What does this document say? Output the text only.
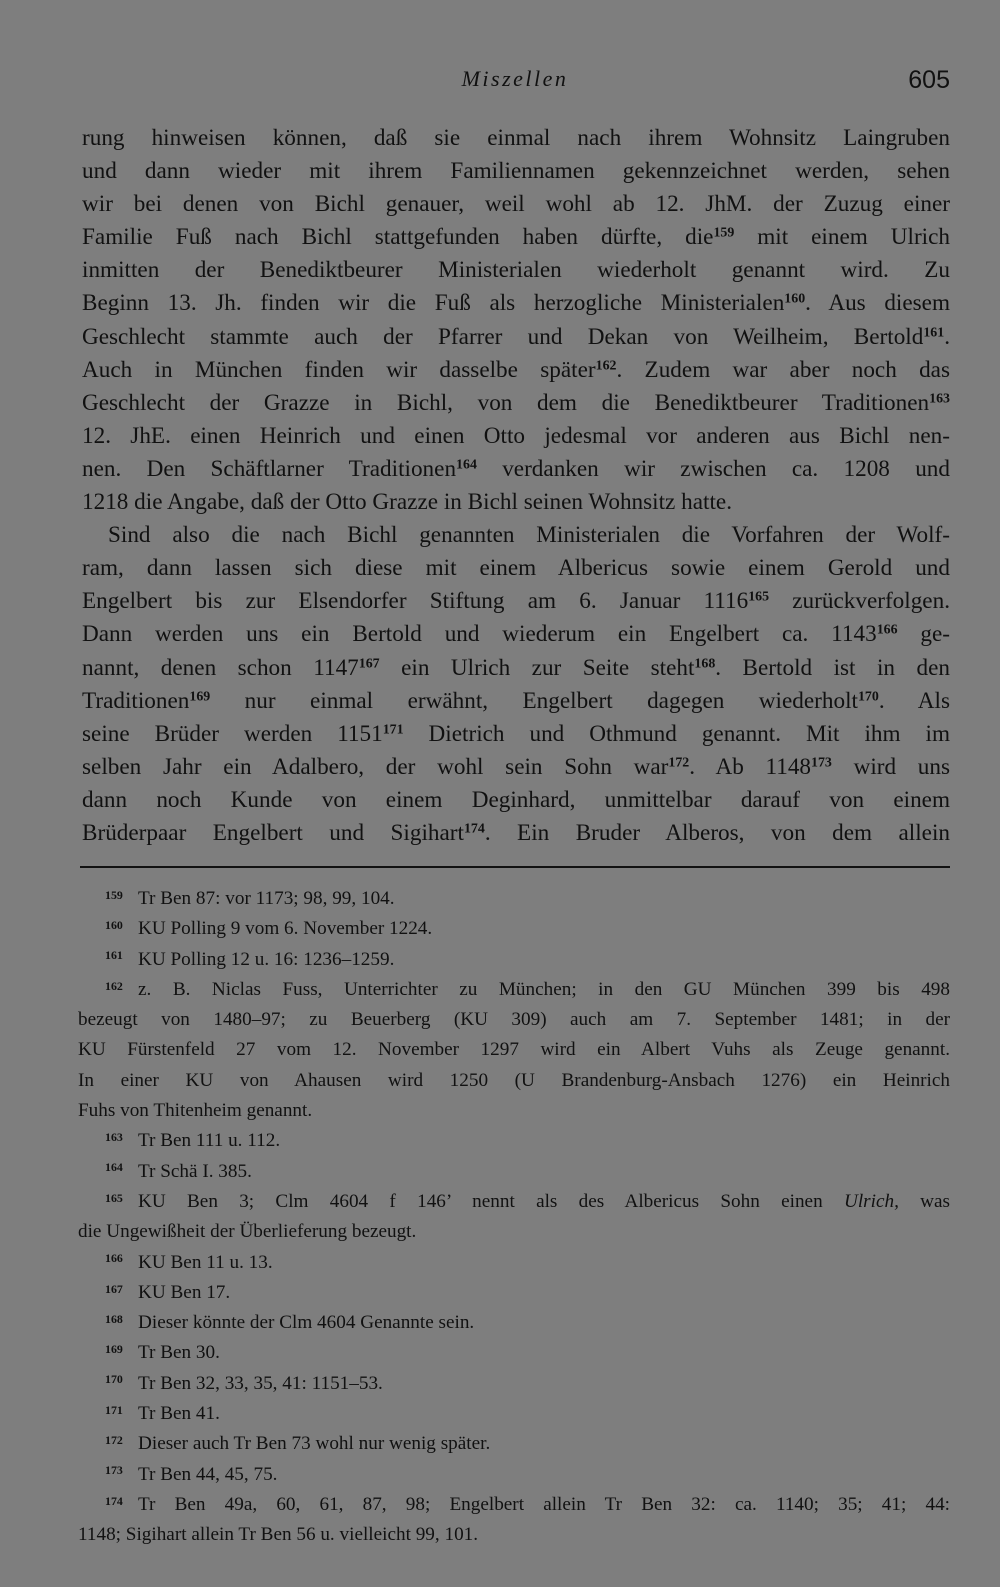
Miszellen	605
rung hinweisen können, daß sie einmal nach ihrem Wohnsitz Laingruben
und dann wieder mit ihrem Familiennamen gekennzeichnet werden, sehen
wir bei denen von Bichl genauer, weil wohl ab 12. JhM. der Zuzug einer
Familie Fuß nach Bichl stattgefunden haben dürfte, die$^{159}$ mit einem Ulrich
inmitten der Benediktbeurer Ministerialen wiederholt genannt wird. Zu
Beginn 13. Jh. finden wir die Fuß als herzogliche Ministerialen$^{160}$. Aus diesem
Geschlecht stammte auch der Pfarrer und Dekan von Weilheim, Bertold$^{161}$.
Auch in München finden wir dasselbe später$^{162}$. Zudem war aber noch das
Geschlecht der Grazze in Bichl, von dem die Benediktbeurer Traditionen$^{163}$
12. JhE. einen Heinrich und einen Otto jedesmal vor anderen aus Bichl nen-
nen. Den Schäftlarner Traditionen$^{164}$ verdanken wir zwischen ca. 1208 und
1218 die Angabe, daß der Otto Grazze in Bichl seinen Wohnsitz hatte.
Sind also die nach Bichl genannten Ministerialen die Vorfahren der Wolf-
ram, dann lassen sich diese mit einem Albericus sowie einem Gerold und
Engelbert bis zur Elsendorfer Stiftung am 6. Januar 1116$^{165}$ zurückverfolgen.
Dann werden uns ein Bertold und wiederum ein Engelbert ca. 1143$^{166}$ ge-
nannt, denen schon 1147$^{167}$ ein Ulrich zur Seite steht$^{168}$. Bertold ist in den
Traditionen$^{169}$ nur einmal erwähnt, Engelbert dagegen wiederholt$^{170}$. Als
seine Brüder werden 1151$^{171}$ Dietrich und Othmund genannt. Mit ihm im
selben Jahr ein Adalbero, der wohl sein Sohn war$^{172}$. Ab 1148$^{173}$ wird uns
dann noch Kunde von einem Deginhard, unmittelbar darauf von einem
Brüderpaar Engelbert und Sigihart$^{174}$. Ein Bruder Alberos, von dem allein
159 Tr Ben 87: vor 1173; 98, 99, 104.
160 KU Polling 9 vom 6. November 1224.
161 KU Polling 12 u. 16: 1236–1259.
162 z. B. Niclas Fuss, Unterrichter zu München; in den GU München 399 bis 498
bezeugt von 1480–97; zu Beuerberg (KU 309) auch am 7. September 1481; in der
KU Fürstenfeld 27 vom 12. November 1297 wird ein Albert Vuhs als Zeuge genannt.
In einer KU von Ahausen wird 1250 (U Brandenburg-Ansbach 1276) ein Heinrich
Fuhs von Thitenheim genannt.
163 Tr Ben 111 u. 112.
164 Tr Schä I. 385.
165 KU Ben 3; Clm 4604 f 146’ nennt als des Albericus Sohn einen Ulrich, was
die Ungewißheit der Überlieferung bezeugt.
166 KU Ben 11 u. 13.
167 KU Ben 17.
168 Dieser könnte der Clm 4604 Genannte sein.
169 Tr Ben 30.
170 Tr Ben 32, 33, 35, 41: 1151–53.
171 Tr Ben 41.
172 Dieser auch Tr Ben 73 wohl nur wenig später.
173 Tr Ben 44, 45, 75.
174 Tr Ben 49a, 60, 61, 87, 98; Engelbert allein Tr Ben 32: ca. 1140; 35; 41; 44:
1148; Sigihart allein Tr Ben 56 u. vielleicht 99, 101.
